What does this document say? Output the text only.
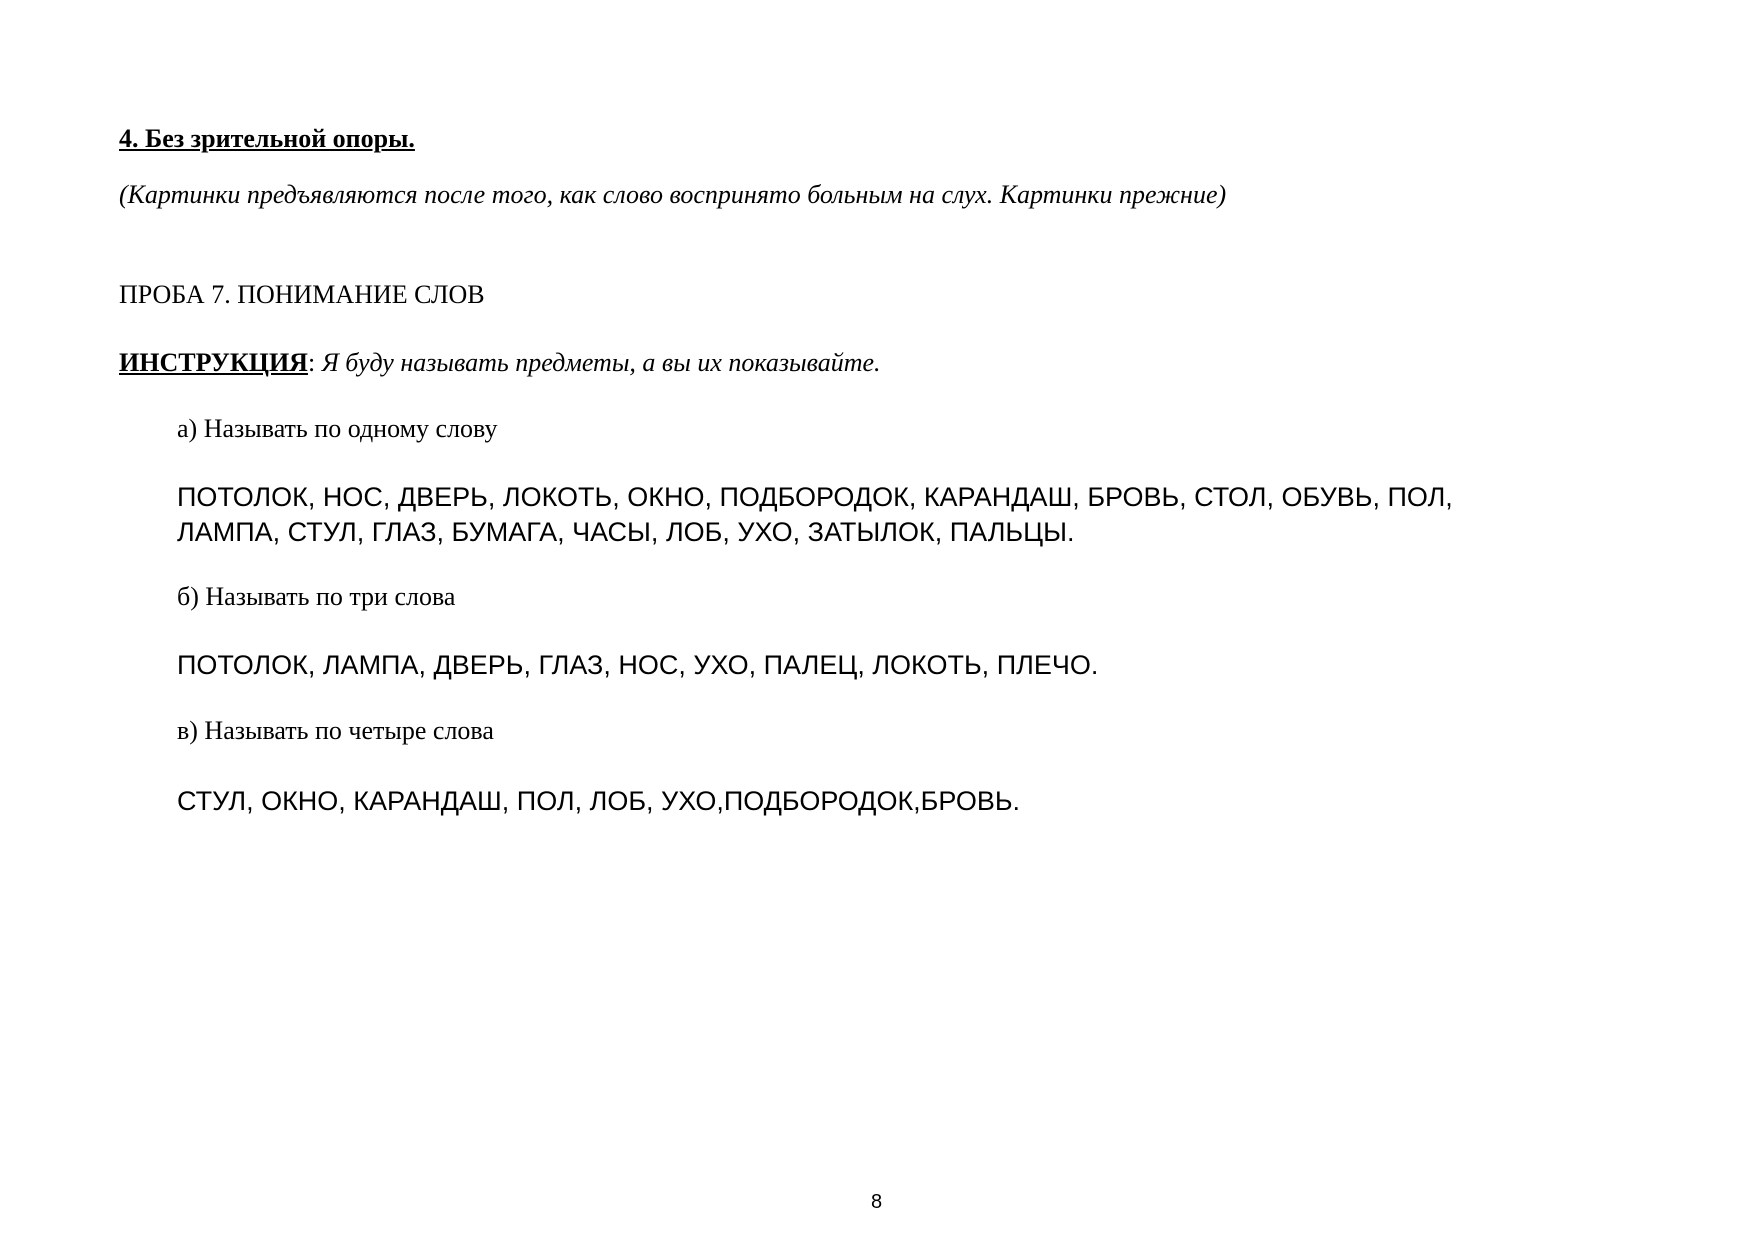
4. Без зрительной опоры.
(Картинки предъявляются после того, как слово воспринято больным на слух. Картинки прежние)
ПРОБА 7. ПОНИМАНИЕ СЛОВ
ИНСТРУКЦИЯ: Я буду называть предметы, а вы их показывайте.
а) Называть по одному слову
ПОТОЛОК, НОС, ДВЕРЬ, ЛОКОТЬ, ОКНО, ПОДБОРОДОК, КАРАНДАШ, БРОВЬ, СТОЛ, ОБУВЬ, ПОЛ,
ЛАМПА, СТУЛ, ГЛАЗ, БУМАГА, ЧАСЫ, ЛОБ, УХО, ЗАТЫЛОК, ПАЛЬЦЫ.
б) Называть по три слова
ПОТОЛОК, ЛАМПА, ДВЕРЬ, ГЛАЗ, НОС, УХО, ПАЛЕЦ, ЛОКОТЬ, ПЛЕЧО.
в) Называть по четыре слова
СТУЛ, ОКНО, КАРАНДАШ, ПОЛ, ЛОБ, УХО,ПОДБОРОДОК,БРОВЬ.
8
